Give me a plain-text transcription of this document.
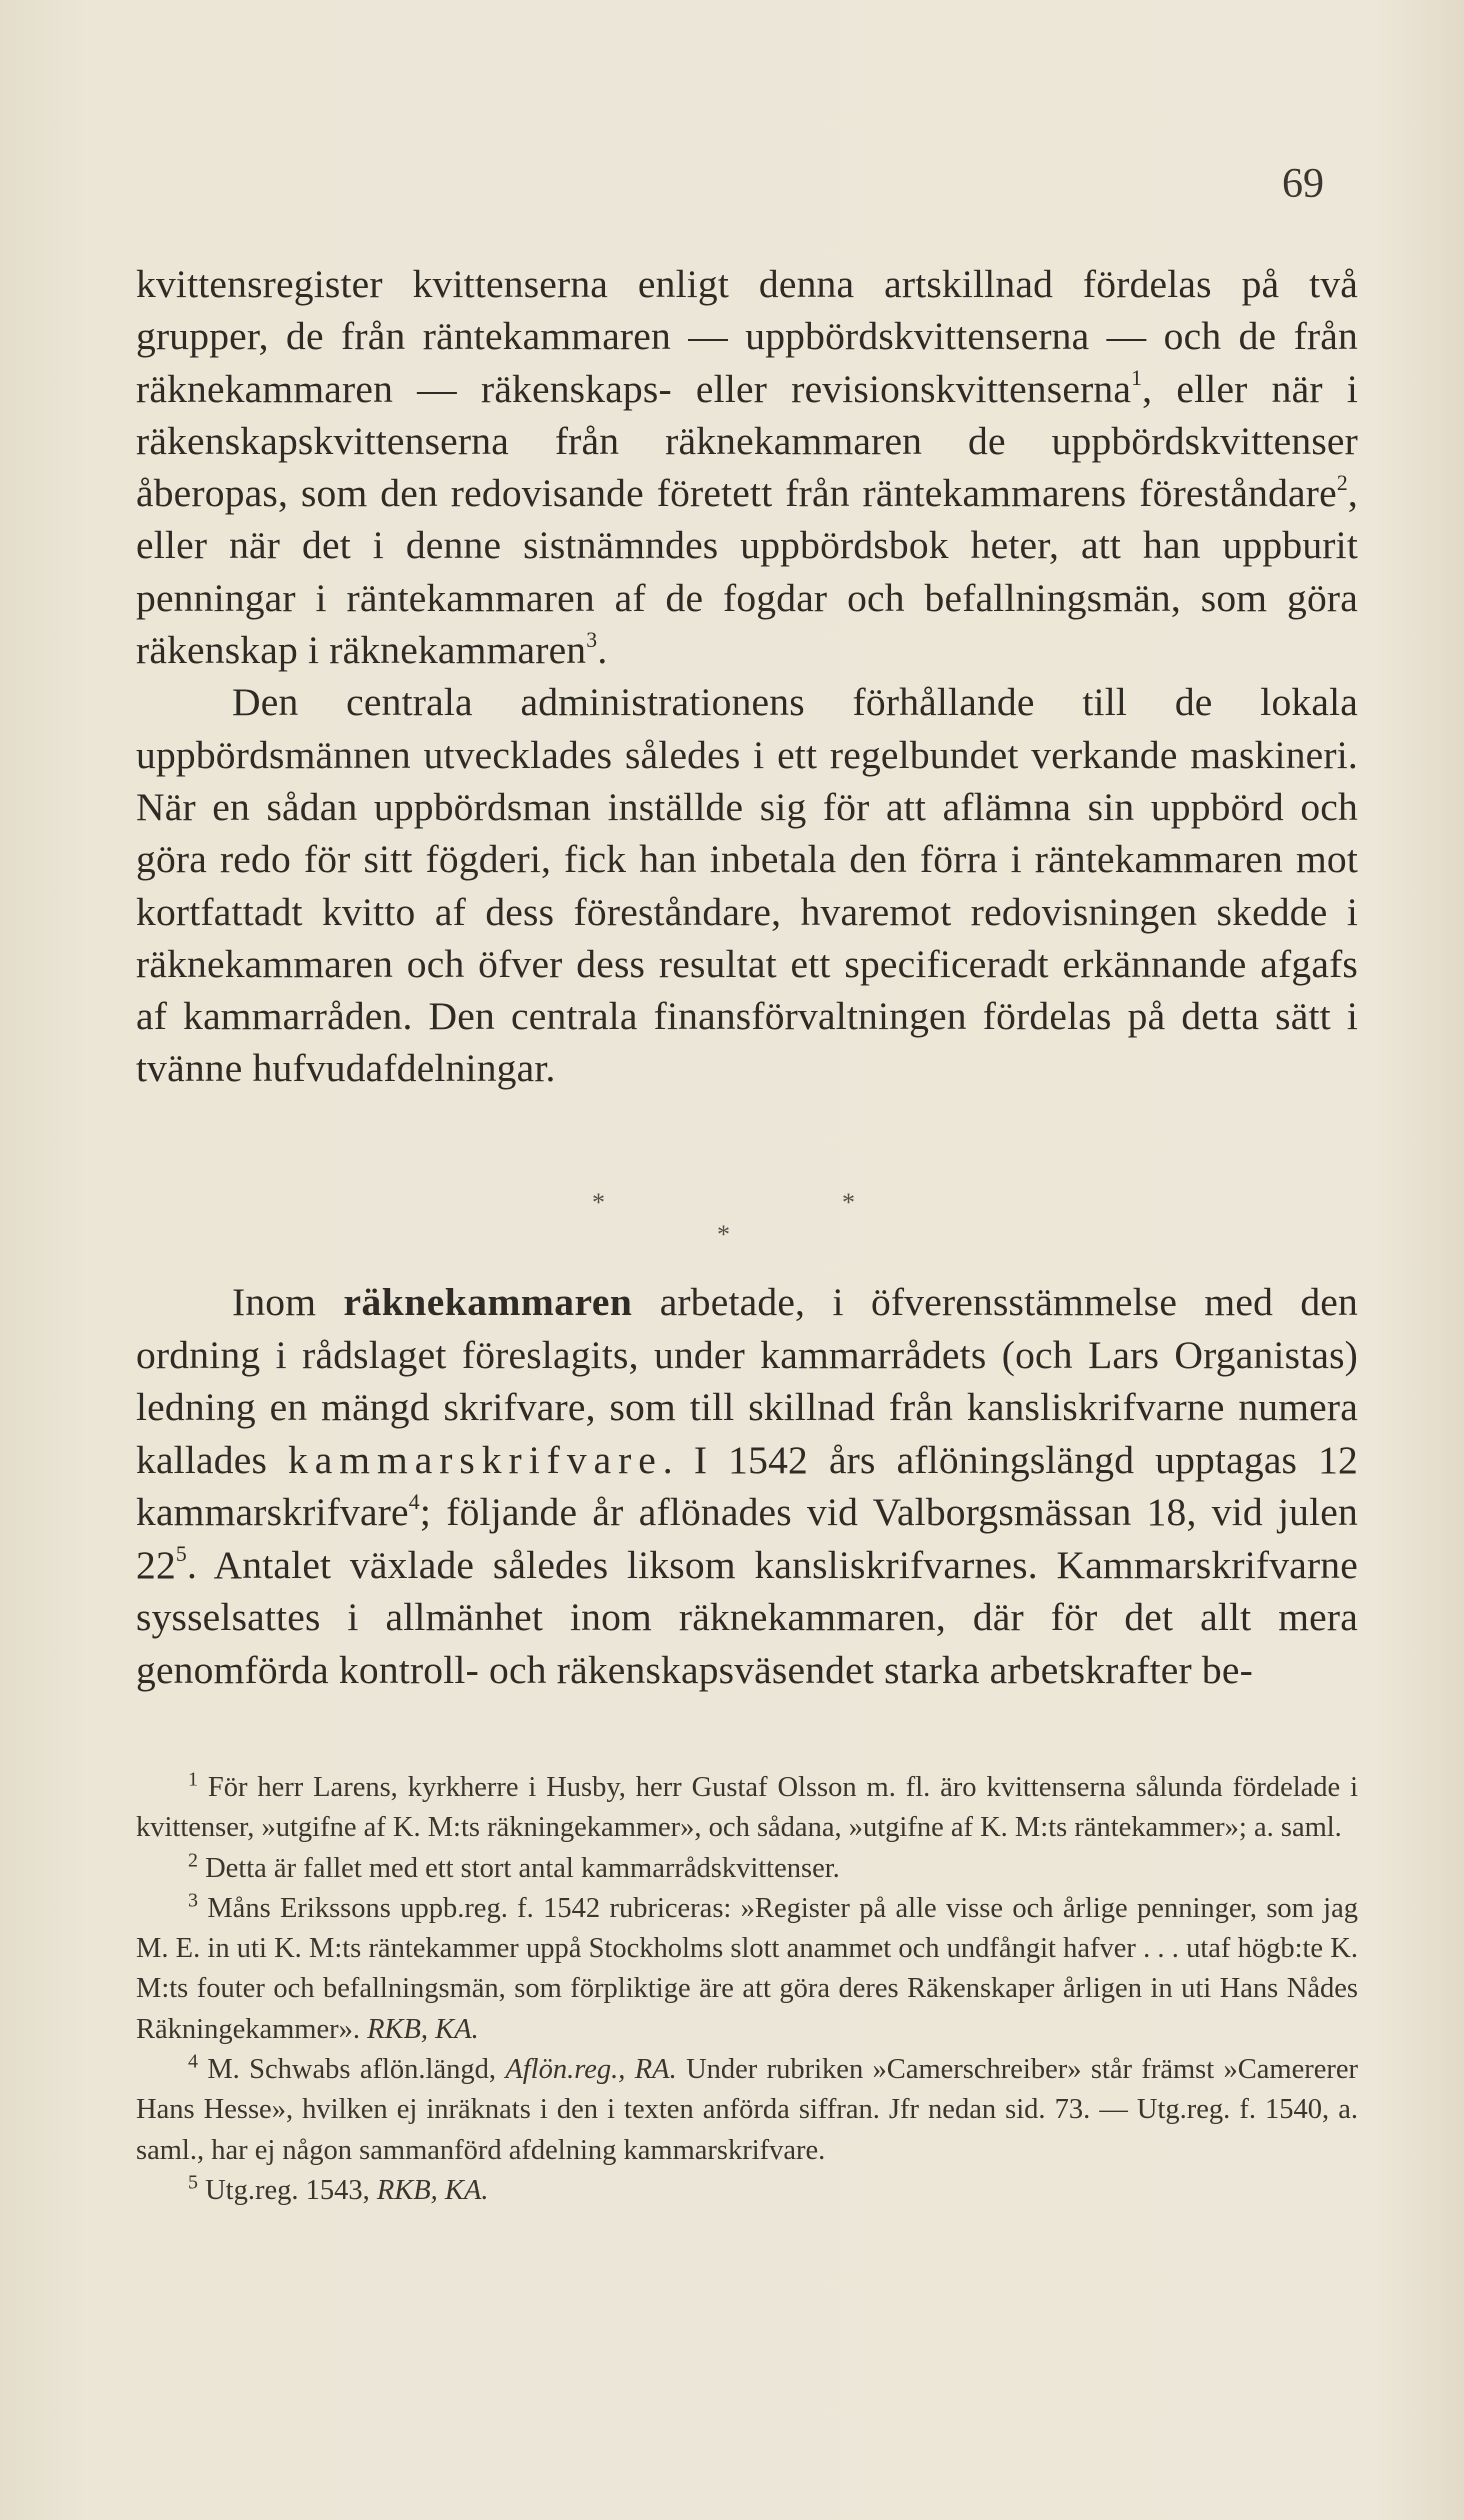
69

kvittensregister kvittenserna enligt denna artskillnad fördelas på två grupper, de från räntekammaren — uppbördskvittenserna — och de från räknekammaren — räkenskaps- eller revisionskvittenserna$^1$, eller när i räkenskapskvittenserna från räknekammaren de uppbördskvittenser åberopas, som den redovisande företett från räntekammarens föreståndare$^2$, eller när det i denne sistnämndes uppbördsbok heter, att han uppburit penningar i räntekammaren af de fogdar och befallningsmän, som göra räkenskap i räknekammaren$^3$.

Den centrala administrationens förhållande till de lokala uppbördsmännen utvecklades således i ett regelbundet verkande maskineri. När en sådan uppbördsman inställde sig för att aflämna sin uppbörd och göra redo för sitt fögderi, fick han inbetala den förra i räntekammaren mot kortfattadt kvitto af dess föreståndare, hvaremot redovisningen skedde i räknekammaren och öfver dess resultat ett specificeradt erkännande afgafs af kammarråden. Den centrala finansförvaltningen fördelas på detta sätt i tvänne hufvudafdelningar.

*	*
*

Inom räknekammaren arbetade, i öfverensstämmelse med den ordning i rådslaget föreslagits, under kammarrådets (och Lars Organistas) ledning en mängd skrifvare, som till skillnad från kansliskrifvarne numera kallades kammarskrifvare. I 1542 års aflöningslängd upptagas 12 kammarskrifvare$^4$; följande år aflönades vid Valborgsmässan 18, vid julen $22^5$. Antalet växlade således liksom kansliskrifvarnes. Kammarskrifvarne sysselsattes i allmänhet inom räknekammaren, där för det allt mera genomförda kontroll- och räkenskapsväsendet starka arbetskrafter be-

$^1$ För herr Larens, kyrkherre i Husby, herr Gustaf Olsson m. fl. äro kvittenserna sålunda fördelade i kvittenser, »utgifne af K. M:ts räkningekammer», och sådana, »utgifne af K. M:ts räntekammer»; a. saml.

$^2$ Detta är fallet med ett stort antal kammarrådskvittenser.

$^3$ Måns Erikssons uppb.reg. f. 1542 rubriceras: »Register på alle visse och årlige penninger, som jag M. E. in uti K. M:ts räntekammer uppå Stockholms slott anammet och undfångit hafver . . . utaf högb:te K. M:ts fouter och befallningsmän, som förpliktige äre att göra deres Räkenskaper årligen in uti Hans Nådes Räkningekammer». RKB, KA.

$^4$ M. Schwabs aflön.längd, Aflön.reg., RA. Under rubriken »Camerschreiber» står främst »Camererer Hans Hesse», hvilken ej inräknats i den i texten anförda siffran. Jfr nedan sid. 73. — Utg.reg. f. 1540, a. saml., har ej någon sammanförd afdelning kammarskrifvare.

$^5$ Utg.reg. 1543, RKB, KA.
